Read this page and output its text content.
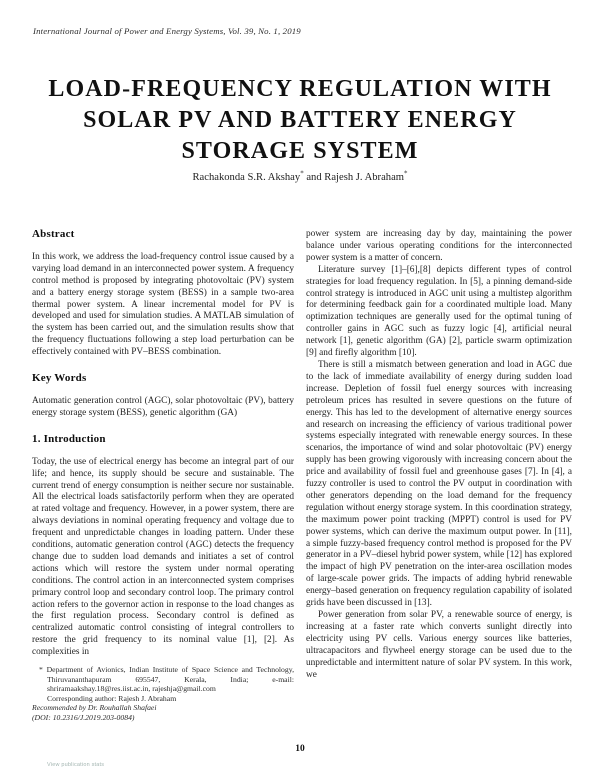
International Journal of Power and Energy Systems, Vol. 39, No. 1, 2019
LOAD-FREQUENCY REGULATION WITH
SOLAR PV AND BATTERY ENERGY
STORAGE SYSTEM
Rachakonda S.R. Akshay* and Rajesh J. Abraham*
Abstract

In this work, we address the load-frequency control issue caused by a varying load demand in an interconnected power system. A frequency control method is proposed by integrating photovoltaic (PV) system and a battery energy storage system (BESS) in a sample two-area thermal power system. A linear incremental model for PV is developed and used for simulation studies. A MATLAB simulation of the system has been carried out, and the simulation results show that the frequency fluctuations following a step load perturbation can be effectively contained with PV–BESS combination.

Key Words

Automatic generation control (AGC), solar photovoltaic (PV), battery energy storage system (BESS), genetic algorithm (GA)

1. Introduction

Today, the use of electrical energy has become an integral part of our life; and hence, its supply should be secure and sustainable. The current trend of energy consumption is neither secure nor sustainable. All the electrical loads satisfactorily perform when they are operated at rated voltage and frequency. However, in a power system, there are always deviations in nominal operating frequency and voltage due to frequent and unpredictable changes in loading pattern. Under these conditions, automatic generation control (AGC) detects the frequency change due to sudden load demands and initiates a set of control actions which will restore the system under normal operating conditions. The control action in an interconnected system comprises primary control loop and secondary control loop. The primary control action refers to the governor action in response to the load changes as the first regulation process. Secondary control is defined as centralized automatic control consisting of integral controllers to restore the grid frequency to its nominal value [1], [2]. As complexities in

* Department of Avionics, Indian Institute of Space Science and Technology, Thiruvananthapuram 695547, Kerala, India; e-mail: shriramaakshay.18@res.iist.ac.in, rajeshja@gmail.com

Corresponding author: Rajesh J. Abraham

Recommended by Dr. Rouhallah Shafaei

(DOI: 10.2316/J.2019.203-0084)

power system are increasing day by day, maintaining the power balance under various operating conditions for the interconnected power system is a matter of concern.

Literature survey [1]–[6],[8] depicts different types of control strategies for load frequency regulation. In [5], a pinning demand-side control strategy is introduced in AGC unit using a multistep algorithm for determining feedback gain for a coordinated multiple load. Many optimization techniques are generally used for the optimal tuning of controller gains in AGC such as fuzzy logic [4], artificial neural network [1], genetic algorithm (GA) [2], particle swarm optimization [9] and firefly algorithm [10].

There is still a mismatch between generation and load in AGC due to the lack of immediate availability of energy during sudden load increase. Depletion of fossil fuel energy sources with increasing petroleum prices has resulted in severe questions on the future of energy. This has led to the development of alternative energy sources and research on increasing the efficiency of various traditional power systems especially integrated with renewable energy sources. In these scenarios, the importance of wind and solar photovoltaic (PV) energy supply has been growing vigorously with increasing concern about the price and availability of fossil fuel and greenhouse gases [7]. In [4], a fuzzy controller is used to control the PV output in coordination with other generators depending on the load demand for the frequency regulation without energy storage system. In this coordination strategy, the maximum power point tracking (MPPT) control is used for PV power systems, which can derive the maximum output power. In [11], a simple fuzzy-based frequency control method is proposed for the PV generator in a PV–diesel hybrid power system, while [12] has explored the impact of high PV penetration on the inter-area oscillation modes of large-scale power grids. The impacts of adding hybrid renewable energy–based generation on frequency regulation capability of isolated grids have been discussed in [13].

Power generation from solar PV, a renewable source of energy, is increasing at a faster rate which converts sunlight directly into electricity using PV cells. Various energy sources like batteries, ultracapacitors and flywheel energy storage can be used due to the unpredictable and intermittent nature of solar PV system. In this work, we

10
View publication stats
